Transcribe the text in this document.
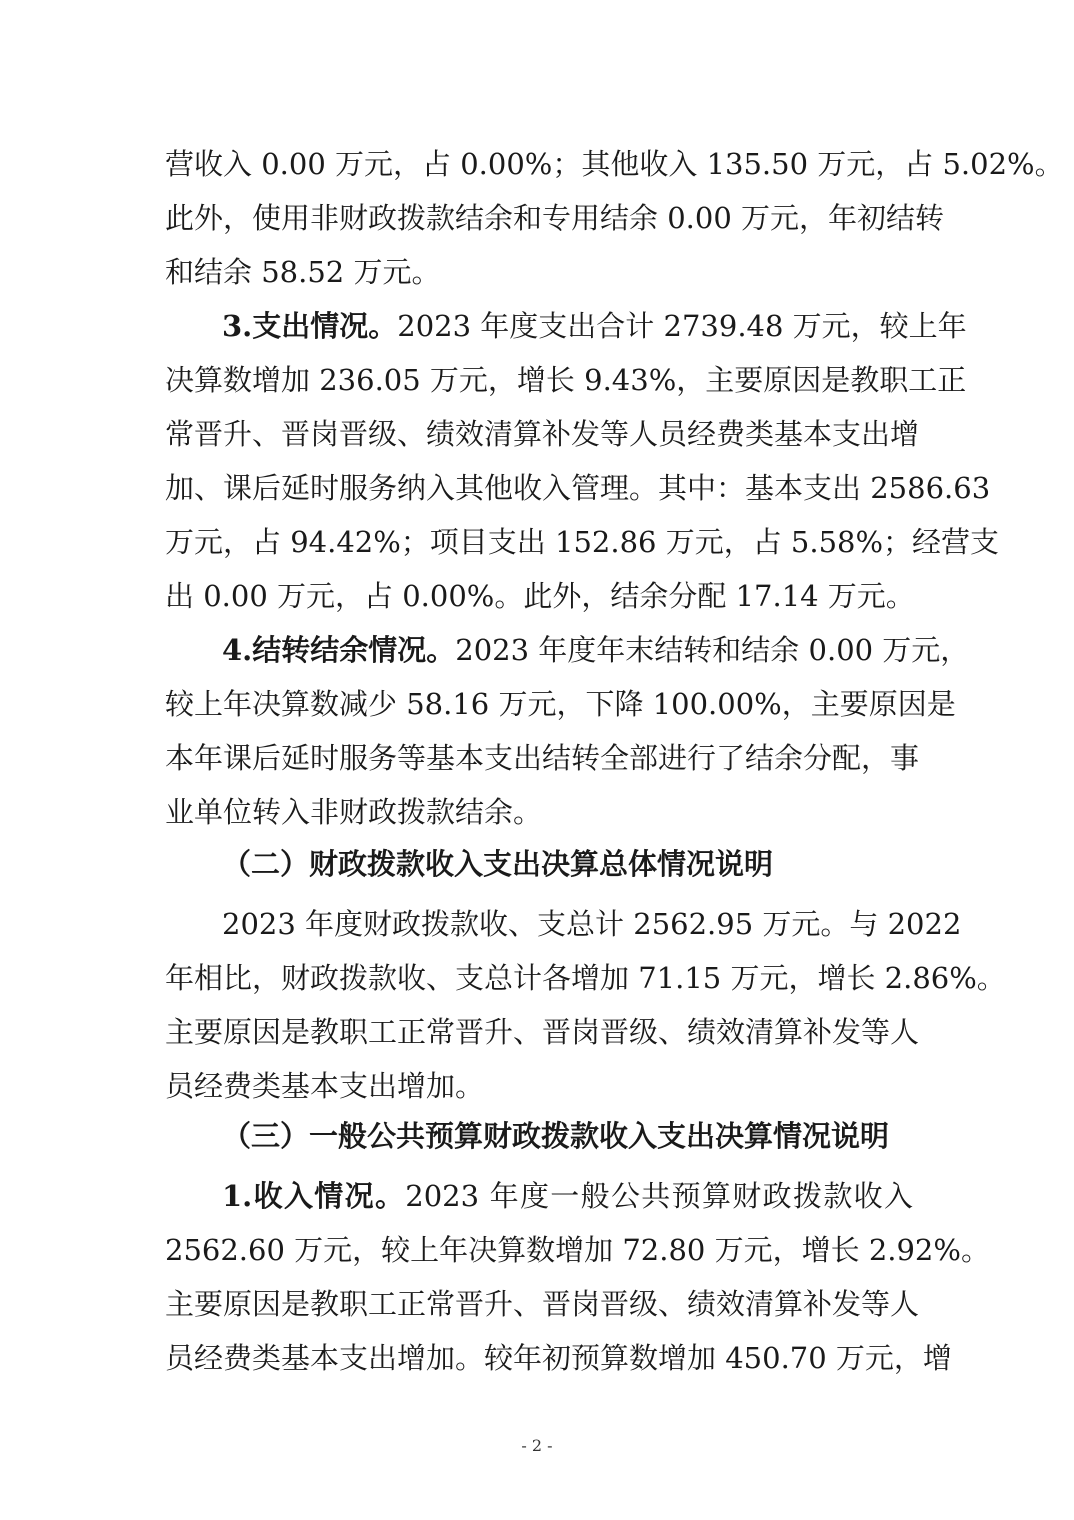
营收入 0.00 万元，占 0.00%；其他收入 135.50 万元，占 5.02%。
此外，使用非财政拨款结余和专用结余 0.00 万元，年初结转
和结余 58.52 万元。
3.支出情况。2023 年度支出合计 2739.48 万元，较上年
决算数增加 236.05 万元，增长 9.43%，主要原因是教职工正
常晋升、晋岗晋级、绩效清算补发等人员经费类基本支出增
加、课后延时服务纳入其他收入管理。其中：基本支出 2586.63
万元，占 94.42%；项目支出 152.86 万元，占 5.58%；经营支
出 0.00 万元，占 0.00%。此外，结余分配 17.14 万元。
4.结转结余情况。2023 年度年末结转和结余 0.00 万元，
较上年决算数减少 58.16 万元，下降 100.00%，主要原因是
本年课后延时服务等基本支出结转全部进行了结余分配，事
业单位转入非财政拨款结余。
（二）财政拨款收入支出决算总体情况说明
2023 年度财政拨款收、支总计 2562.95 万元。与 2022
年相比，财政拨款收、支总计各增加 71.15 万元，增长 2.86%。
主要原因是教职工正常晋升、晋岗晋级、绩效清算补发等人
员经费类基本支出增加。
（三）一般公共预算财政拨款收入支出决算情况说明
1.收入情况。2023 年度一般公共预算财政拨款收入
2562.60 万元，较上年决算数增加 72.80 万元，增长 2.92%。
主要原因是教职工正常晋升、晋岗晋级、绩效清算补发等人
员经费类基本支出增加。较年初预算数增加 450.70 万元，增
- 2 -
